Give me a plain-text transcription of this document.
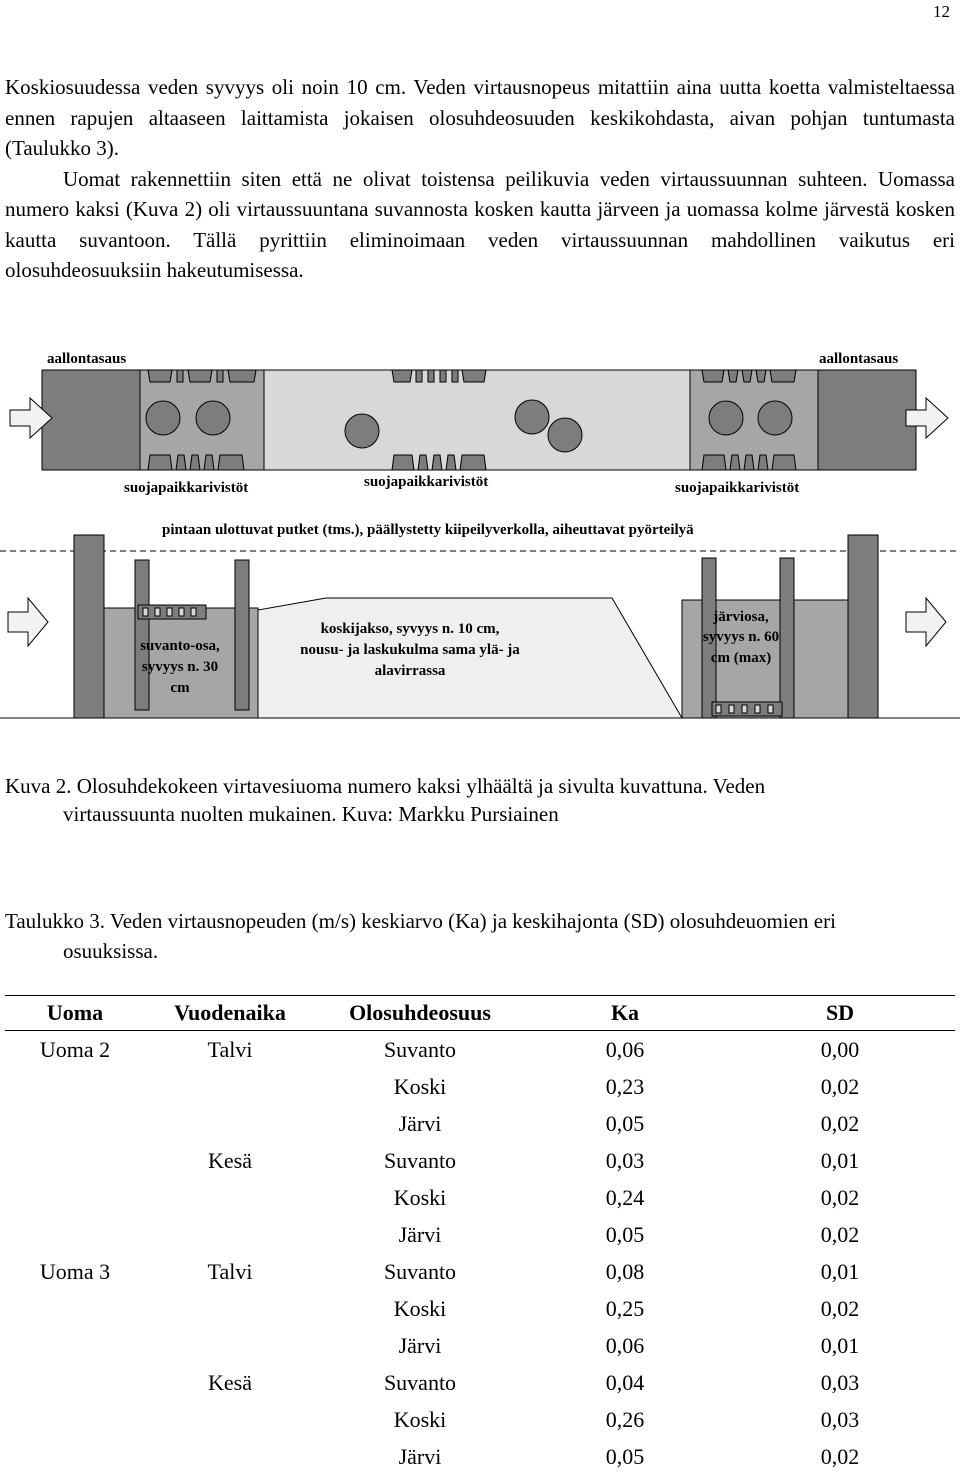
12

Koskiosuudessa veden syvyys oli noin 10 cm. Veden virtausnopeus mitattiin aina uutta koetta valmisteltaessa ennen rapujen altaaseen laittamista jokaisen olosuhdeosuuden keskikohdasta, aivan pohjan tuntumasta (Taulukko 3).
Uomat rakennettiin siten että ne olivat toistensa peilikuvia veden virtaussuunnan suhteen. Uomassa numero kaksi (Kuva 2) oli virtaussuuntana suvannosta kosken kautta järveen ja uomassa kolme järvestä kosken kautta suvantoon. Tällä pyrittiin eliminoimaan veden virtaussuunnan mahdollinen vaikutus eri olosuhdeosuuksiin hakeutumisessa.

aallontasaus	aallontasaus
suojapaikkarivistöt	suojapaikkarivistöt	suojapaikkarivistöt
pintaan ulottuvat putket (tms.), päällystetty kiipeilyverkolla, aiheuttavat pyörteilyä
suvanto-osa,
syvyys n. 30
cm
koskijakso, syvyys n. 10 cm,
nousu- ja laskukulma sama ylä- ja
alavirrassa
järviosa,
syvyys n. 60
cm (max)

Kuva 2. Olosuhdekokeen virtavesiuoma numero kaksi ylhäältä ja sivulta kuvattuna. Veden
virtaussuunta nuolten mukainen. Kuva: Markku Pursiainen

Taulukko 3. Veden virtausnopeuden (m/s) keskiarvo (Ka) ja keskihajonta (SD) olosuhdeuomien eri
osuuksissa.

Uoma	Vuodenaika	Olosuhdeosuus	Ka	SD
Uoma 2	Talvi	Suvanto	0,06	0,00
		Koski	0,23	0,02
		Järvi	0,05	0,02
	Kesä	Suvanto	0,03	0,01
		Koski	0,24	0,02
		Järvi	0,05	0,02
Uoma 3	Talvi	Suvanto	0,08	0,01
		Koski	0,25	0,02
		Järvi	0,06	0,01
	Kesä	Suvanto	0,04	0,03
		Koski	0,26	0,03
		Järvi	0,05	0,02
